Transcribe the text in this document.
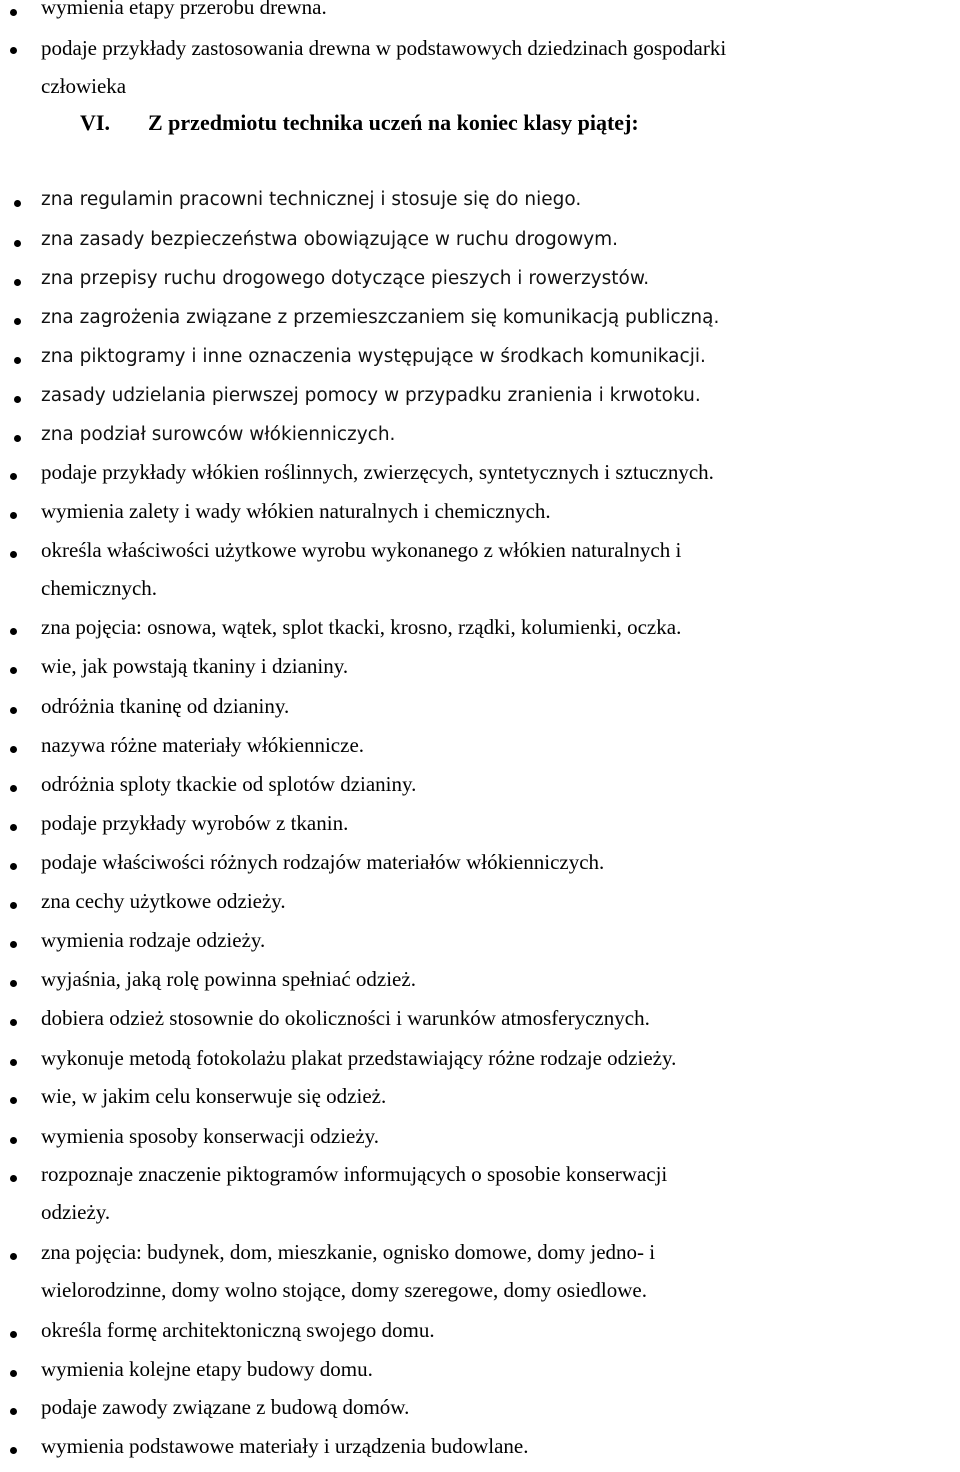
wymienia etapy przerobu drewna.
podaje przykłady zastosowania drewna w podstawowych dziedzinach gospodarki
człowieka
VI. Z przedmiotu technika uczeń na koniec klasy piątej:
zna regulamin pracowni technicznej i stosuje się do niego.
zna zasady bezpieczeństwa obowiązujące w ruchu drogowym.
zna przepisy ruchu drogowego dotyczące pieszych i rowerzystów.
zna zagrożenia związane z przemieszczaniem się komunikacją publiczną.
zna piktogramy i inne oznaczenia występujące w środkach komunikacji.
zasady udzielania pierwszej pomocy w przypadku zranienia i krwotoku.
zna podział surowców włókienniczych.
podaje przykłady włókien roślinnych, zwierzęcych, syntetycznych i sztucznych.
wymienia zalety i wady włókien naturalnych i chemicznych.
określa właściwości użytkowe wyrobu wykonanego z włókien naturalnych i
chemicznych.
zna pojęcia: osnowa, wątek, splot tkacki, krosno, rządki, kolumienki, oczka.
wie, jak powstają tkaniny i dzianiny.
odróżnia tkaninę od dzianiny.
nazywa różne materiały włókiennicze.
odróżnia sploty tkackie od splotów dzianiny.
podaje przykłady wyrobów z tkanin.
podaje właściwości różnych rodzajów materiałów włókienniczych.
zna cechy użytkowe odzieży.
wymienia rodzaje odzieży.
wyjaśnia, jaką rolę powinna spełniać odzież.
dobiera odzież stosownie do okoliczności i warunków atmosferycznych.
wykonuje metodą fotokolażu plakat przedstawiający różne rodzaje odzieży.
wie, w jakim celu konserwuje się odzież.
wymienia sposoby konserwacji odzieży.
rozpoznaje znaczenie piktogramów informujących o sposobie konserwacji
odzieży.
zna pojęcia: budynek, dom, mieszkanie, ognisko domowe, domy jedno- i
wielorodzinne, domy wolno stojące, domy szeregowe, domy osiedlowe.
określa formę architektoniczną swojego domu.
wymienia kolejne etapy budowy domu.
podaje zawody związane z budową domów.
wymienia podstawowe materiały i urządzenia budowlane.
